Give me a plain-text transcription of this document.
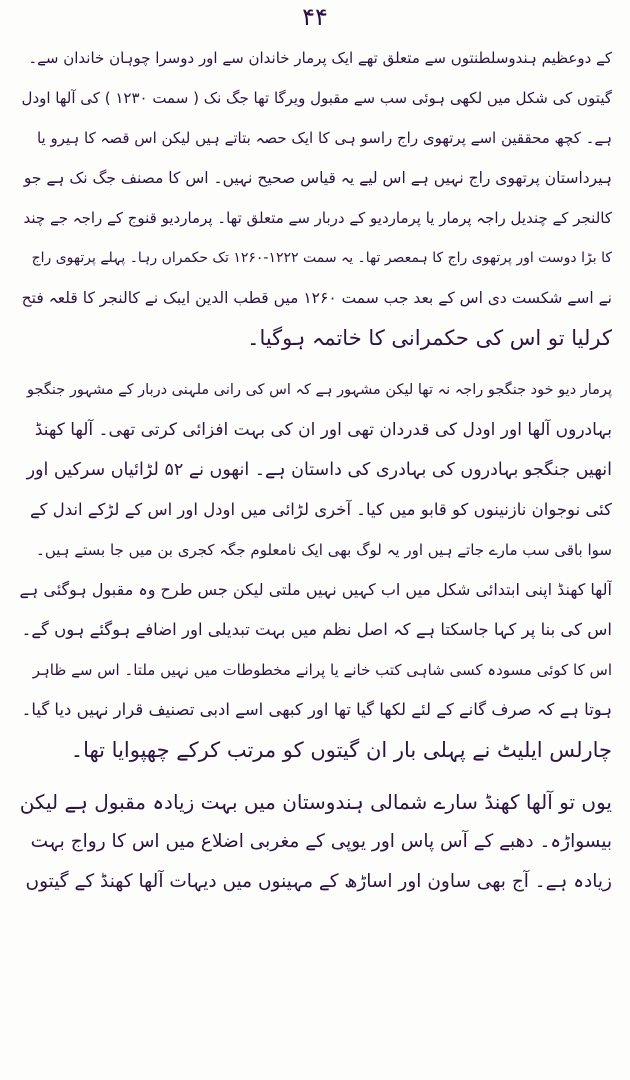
۴۴
کے دوعظیم ہندوسلطنتوں سے متعلق تھے ایک پرمار خاندان سے اور دوسرا چوہان خاندان سے۔
گیتوں کی شکل میں لکھی ہوئی سب سے مقبول ویرگا تھا جگ نک ( سمت ۱۲۳۰ ) کی آلھا اودل
ہے۔ کچھ محققین اسے پرتھوی راج راسو ہی کا ایک حصہ بتاتے ہیں لیکن اس قصہ کا ہیرو یا
ہیرداستان پرتھوی راج نہیں ہے اس لیے یہ قیاس صحیح نہیں۔ اس کا مصنف جگ نک ہے جو
کالنجر کے چندیل راجہ پرمار یا پرماردیو کے دربار سے متعلق تھا۔ پرماردیو قنوج کے راجہ جے چند
کا بڑا دوست اور پرتھوی راج کا ہمعصر تھا۔ یہ سمت ۱۲۲۲-۱۲۶۰ تک حکمراں رہا۔ پہلے پرتھوی راج
نے اسے شکست دی اس کے بعد جب سمت ۱۲۶۰ میں قطب الدین ایبک نے کالنجر کا قلعہ فتح
کرلیا تو اس کی حکمرانی کا خاتمہ ہوگیا۔
پرمار دیو خود جنگجو راجہ نہ تھا لیکن مشہور ہے کہ اس کی رانی ملہنی دربار کے مشہور جنگجو
بہادروں آلھا اور اودل کی قدردان تھی اور ان کی بہت افزائی کرتی تھی۔ آلھا کھنڈ
انھیں جنگجو بہادروں کی بہادری کی داستان ہے۔ انھوں نے ۵۲ لڑائیاں سرکیں اور
کئی نوجوان نازنینوں کو قابو میں کیا۔ آخری لڑائی میں اودل اور اس کے لڑکے اندل کے
سوا باقی سب مارے جاتے ہیں اور یہ لوگ بھی ایک نامعلوم جگہ کجری بن میں جا بستے ہیں۔
آلھا کھنڈ اپنی ابتدائی شکل میں اب کہیں نہیں ملتی لیکن جس طرح وہ مقبول ہوگئی ہے
اس کی بنا پر کہا جاسکتا ہے کہ اصل نظم میں بہت تبدیلی اور اضافے ہوگئے ہوں گے۔
اس کا کوئی مسودہ کسی شاہی کتب خانے یا پرانے مخطوطات میں نہیں ملتا۔ اس سے ظاہر
ہوتا ہے کہ صرف گانے کے لئے لکھا گیا تھا اور کبھی اسے ادبی تصنیف قرار نہیں دیا گیا۔
چارلس ایلیٹ نے پہلی بار ان گیتوں کو مرتب کرکے چھپوایا تھا۔
یوں تو آلھا کھنڈ سارے شمالی ہندوستان میں بہت زیادہ مقبول ہے لیکن
بیسواڑہ۔ دھبے کے آس پاس اور یوپی کے مغربی اضلاع میں اس کا رواج بہت
زیادہ ہے۔ آج بھی ساون اور اساڑھ کے مہینوں میں دیہات آلھا کھنڈ کے گیتوں
